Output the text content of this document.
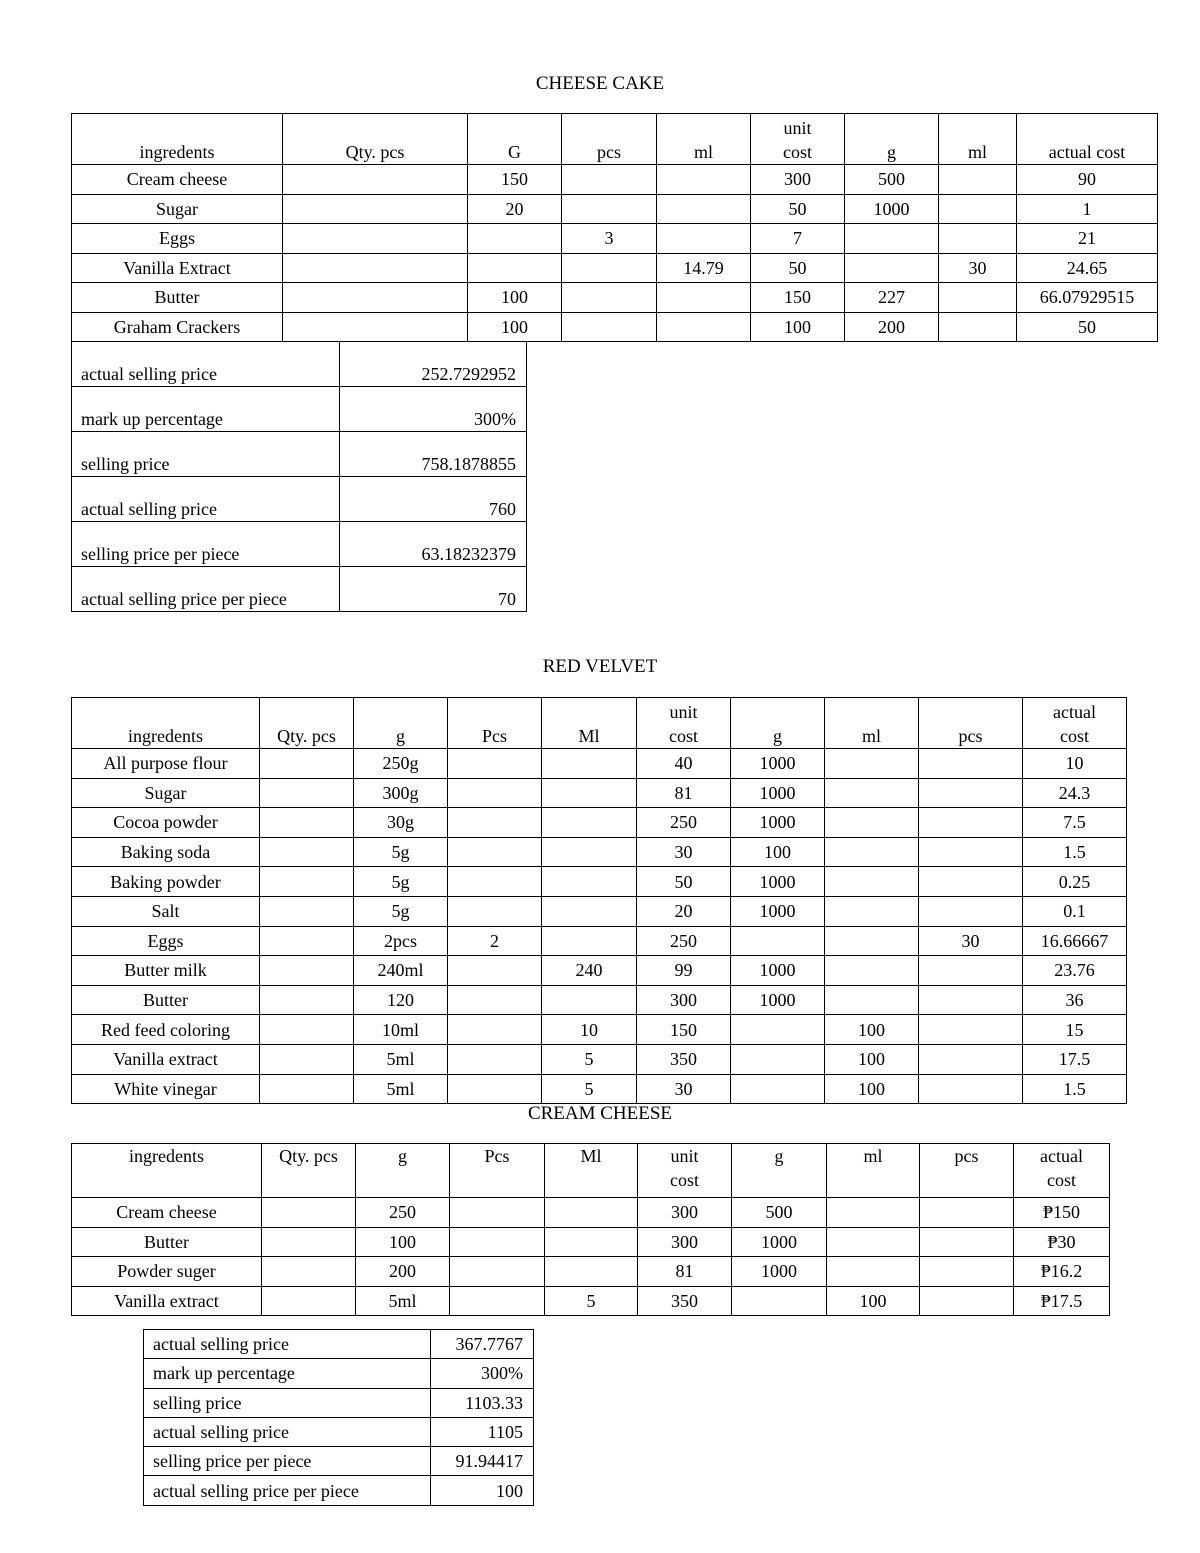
CHEESE CAKE
ingredents	Qty. pcs	G	pcs	ml	unit cost	g	ml	actual cost
Cream cheese		150			300	500		90
Sugar		20			50	1000		1
Eggs			3		7			21
Vanilla Extract				14.79	50		30	24.65
Butter		100			150	227		66.07929515
Graham Crackers		100			100	200		50
actual selling price	252.7292952
mark up percentage	300%
selling price	758.1878855
actual selling price	760
selling price per piece	63.18232379
actual selling price per piece	70
RED VELVET
ingredents	Qty. pcs	g	Pcs	Ml	unit cost	g	ml	pcs	actual cost
All purpose flour		250g			40	1000			10
Sugar		300g			81	1000			24.3
Cocoa powder		30g			250	1000			7.5
Baking soda		5g			30	100			1.5
Baking powder		5g			50	1000			0.25
Salt		5g			20	1000			0.1
Eggs		2pcs	2		250			30	16.66667
Butter milk		240ml		240	99	1000			23.76
Butter		120			300	1000			36
Red feed coloring		10ml		10	150		100		15
Vanilla extract		5ml		5	350		100		17.5
White vinegar		5ml		5	30		100		1.5
CREAM CHEESE
ingredents	Qty. pcs	g	Pcs	Ml	unit cost	g	ml	pcs	actual cost
Cream cheese		250			300	500			₱150
Butter		100			300	1000			₱30
Powder suger		200			81	1000			₱16.2
Vanilla extract		5ml		5	350		100		₱17.5
actual selling price	367.7767
mark up percentage	300%
selling price	1103.33
actual selling price	1105
selling price per piece	91.94417
actual selling price per piece	100
